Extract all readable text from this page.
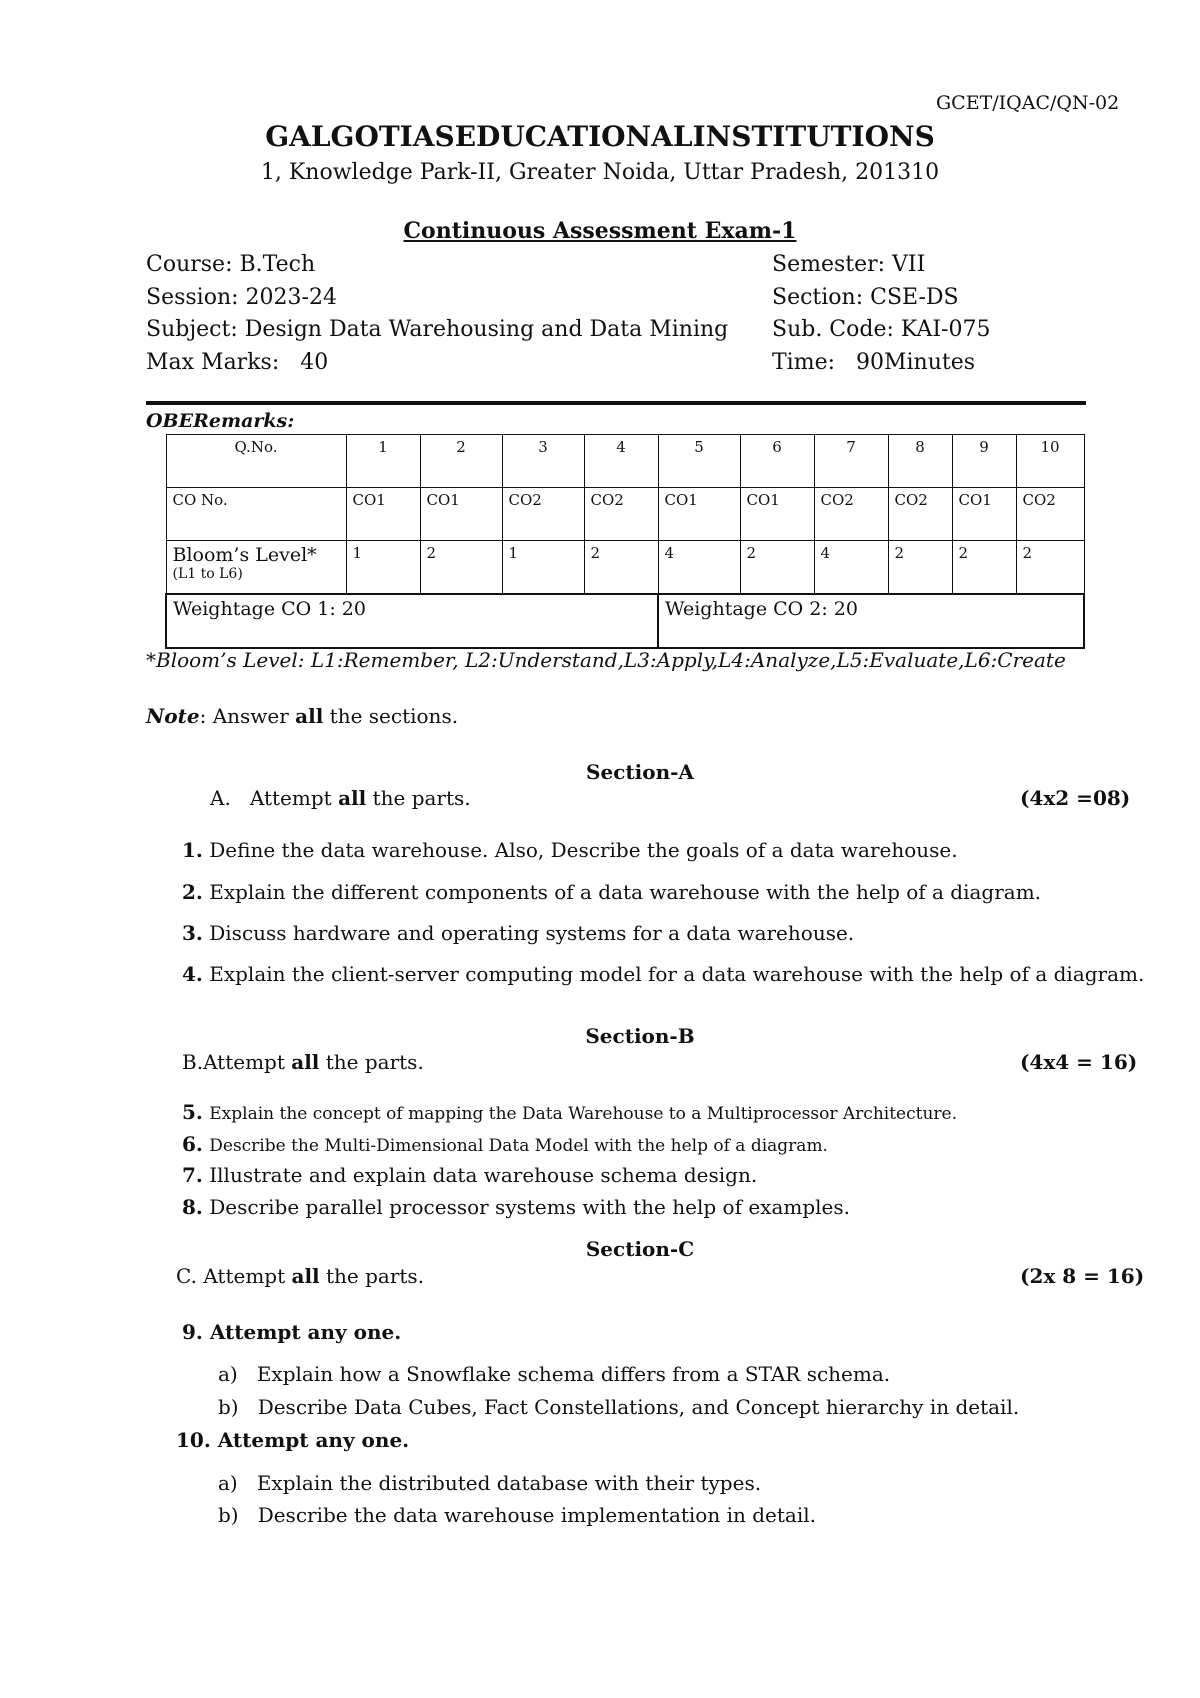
GCET/IQAC/QN-02
GALGOTIASEDUCATIONALINSTITUTIONS
1, Knowledge Park-II, Greater Noida, Uttar Pradesh, 201310
Continuous Assessment Exam-1
Course: B.Tech	Semester: VII
Session: 2023-24	Section: CSE-DS
Subject: Design Data Warehousing and Data Mining Sub. Code: KAI-075
Max Marks:   40	Time:   90Minutes
OBERemarks:
Q.No.	1	2	3	4	5	6	7	8	9	10
CO No.	CO1	CO1	CO2	CO2	CO1	CO1	CO2	CO2	CO1	CO2
Bloom’s Level*
(L1 to L6)	1	2	1	2	4	2	4	2	2	2
Weightage CO 1: 20					Weightage CO 2: 20					
*Bloom’s Level: L1:Remember, L2:Understand,L3:Apply,L4:Analyze,L5:Evaluate,L6:Create
Note: Answer all the sections.
Section-A
A. Attempt all the parts.	(4x2 =08)
1. Define the data warehouse. Also, Describe the goals of a data warehouse.
2. Explain the different components of a data warehouse with the help of a diagram.
3. Discuss hardware and operating systems for a data warehouse.
4. Explain the client-server computing model for a data warehouse with the help of a diagram.
Section-B
B.Attempt all the parts.	(4x4 = 16)
5. Explain the concept of mapping the Data Warehouse to a Multiprocessor Architecture.
6. Describe the Multi-Dimensional Data Model with the help of a diagram.
7. Illustrate and explain data warehouse schema design.
8. Describe parallel processor systems with the help of examples.
Section-C
C. Attempt all the parts.	(2x 8 = 16)
9. Attempt any one.
a) Explain how a Snowflake schema differs from a STAR schema.
b) Describe Data Cubes, Fact Constellations, and Concept hierarchy in detail.
10. Attempt any one.
a) Explain the distributed database with their types.
b) Describe the data warehouse implementation in detail.
